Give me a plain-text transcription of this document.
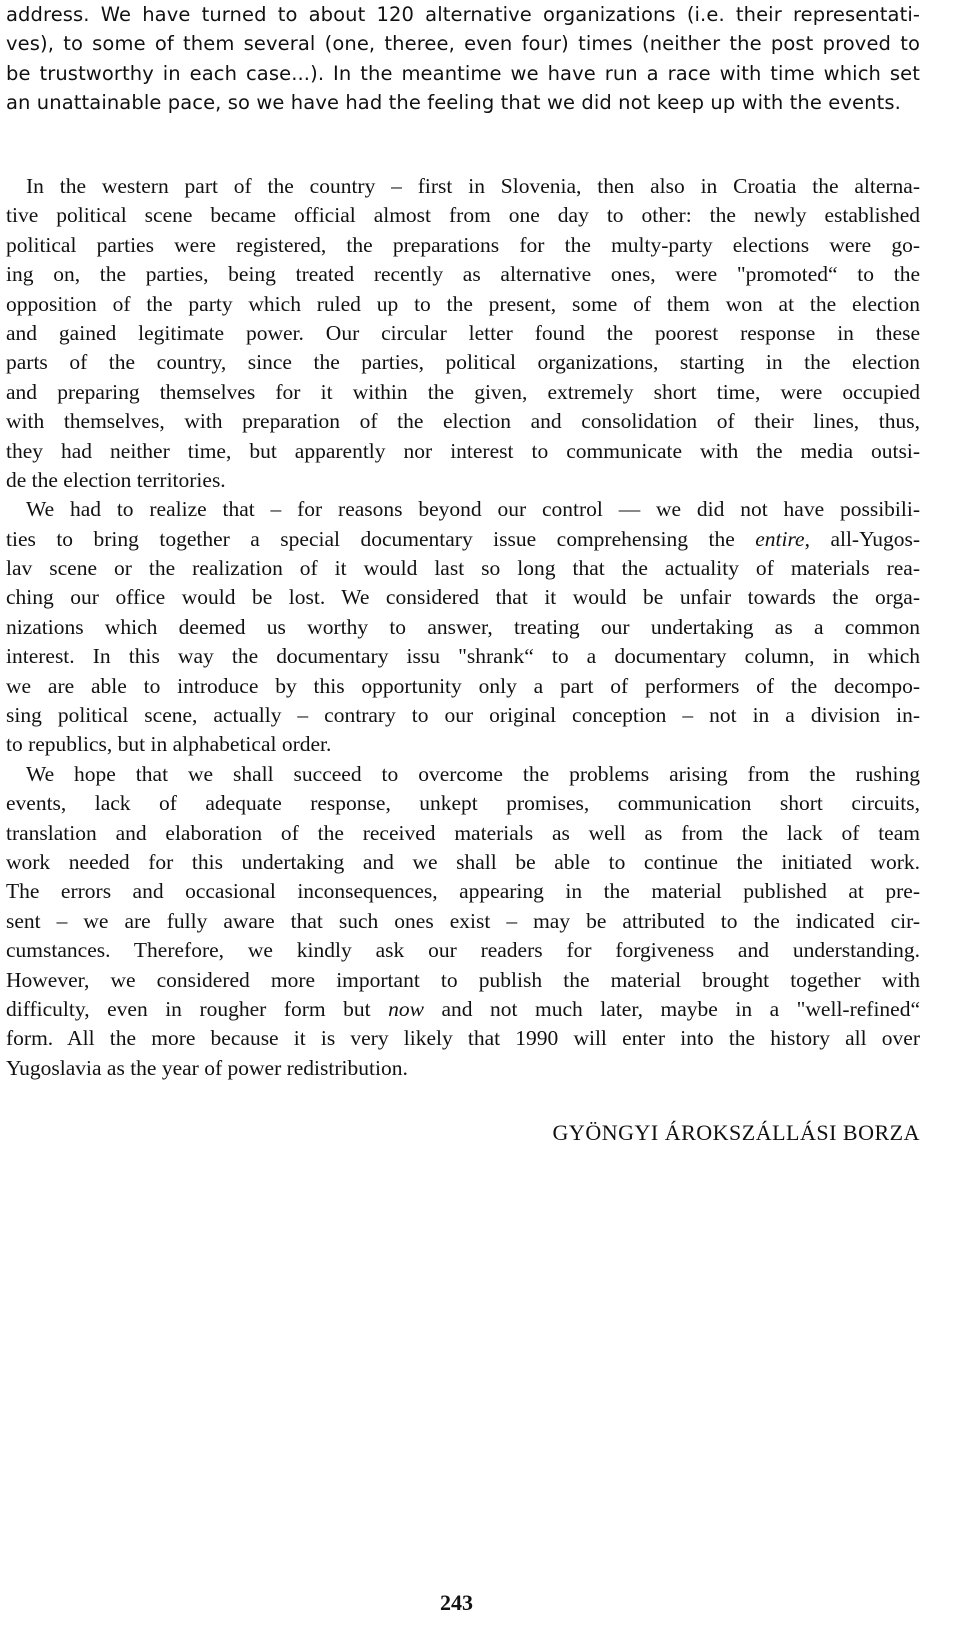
address. We have turned to about 120 alternative organizations (i.e. their representati-
ves), to some of them several (one, theree, even four) times (neither the post proved to
be trustworthy in each case...). In the meantime we have run a race with time which set
an unattainable pace, so we have had the feeling that we did not keep up with the events.
In the western part of the country – first in Slovenia, then also in Croatia the alterna-
tive political scene became official almost from one day to other: the newly established
political parties were registered, the preparations for the multy-party elections were go-
ing on, the parties, being treated recently as alternative ones, were "promoted“ to the
opposition of the party which ruled up to the present, some of them won at the election
and gained legitimate power. Our circular letter found the poorest response in these
parts of the country, since the parties, political organizations, starting in the election
and preparing themselves for it within the given, extremely short time, were occupied
with themselves, with preparation of the election and consolidation of their lines, thus,
they had neither time, but apparently nor interest to communicate with the media outsi-
de the election territories.
We had to realize that – for reasons beyond our control — we did not have possibili-
ties to bring together a special documentary issue comprehensing the entire, all-Yugos-
lav scene or the realization of it would last so long that the actuality of materials rea-
ching our office would be lost. We considered that it would be unfair towards the orga-
nizations which deemed us worthy to answer, treating our undertaking as a common
interest. In this way the documentary issu "shrank“ to a documentary column, in which
we are able to introduce by this opportunity only a part of performers of the decompo-
sing political scene, actually – contrary to our original conception – not in a division in-
to republics, but in alphabetical order.
We hope that we shall succeed to overcome the problems arising from the rushing
events, lack of adequate response, unkept promises, communication short circuits,
translation and elaboration of the received materials as well as from the lack of team
work needed for this undertaking and we shall be able to continue the initiated work.
The errors and occasional inconsequences, appearing in the material published at pre-
sent – we are fully aware that such ones exist – may be attributed to the indicated cir-
cumstances. Therefore, we kindly ask our readers for forgiveness and understanding.
However, we considered more important to publish the material brought together with
difficulty, even in rougher form but now and not much later, maybe in a "well-refined“
form. All the more because it is very likely that 1990 will enter into the history all over
Yugoslavia as the year of power redistribution.
GYÖNGYI ÁROKSZÁLLÁSI BORZA
243
